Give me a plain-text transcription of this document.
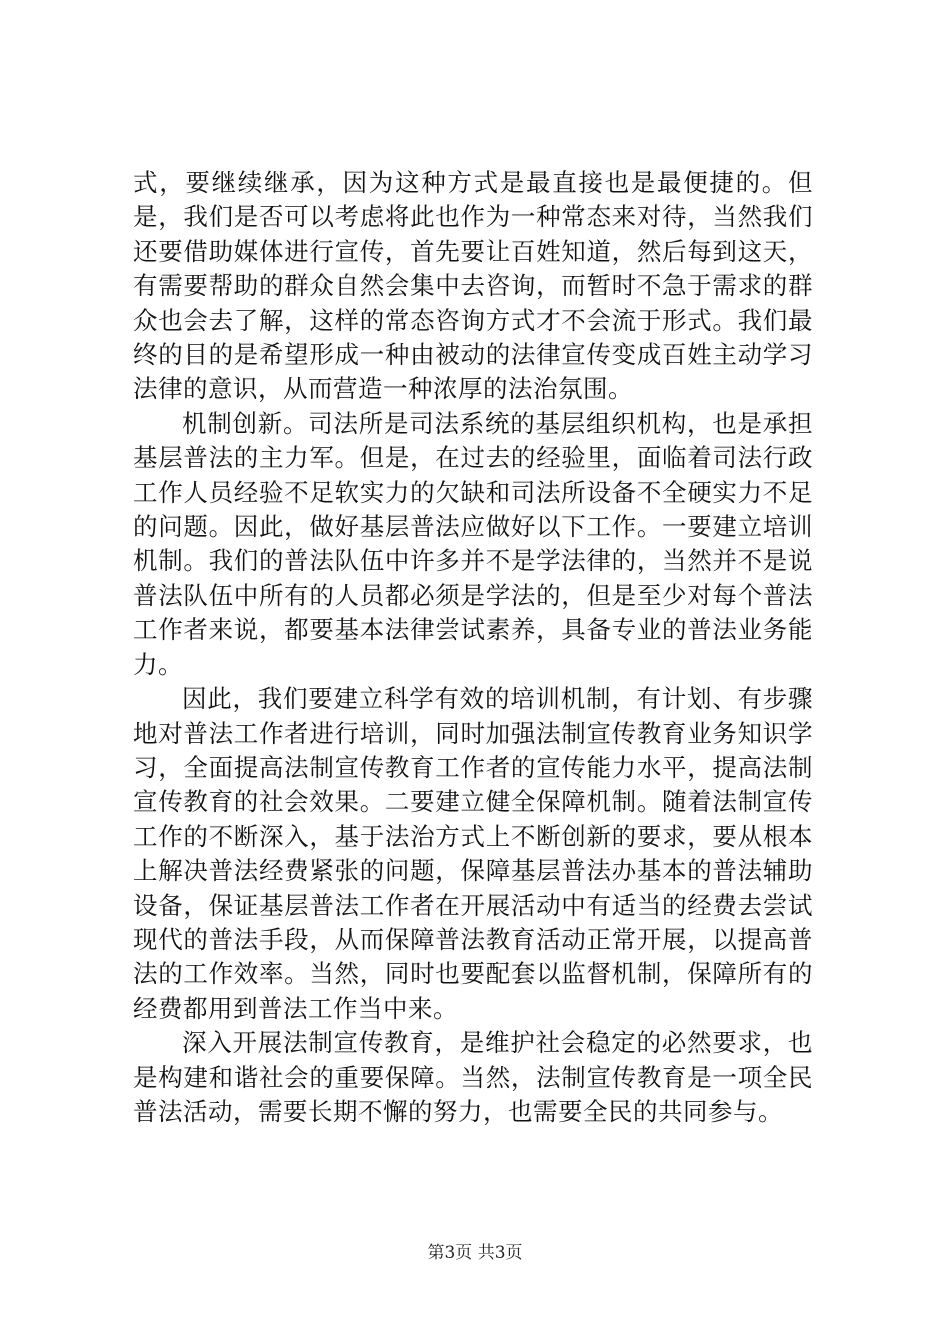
式，要继续继承，因为这种方式是最直接也是最便捷的。但是，我们是否可以考虑将此也作为一种常态来对待，当然我们还要借助媒体进行宣传，首先要让百姓知道，然后每到这天，有需要帮助的群众自然会集中去咨询，而暂时不急于需求的群众也会去了解，这样的常态咨询方式才不会流于形式。我们最终的目的是希望形成一种由被动的法律宣传变成百姓主动学习法律的意识，从而营造一种浓厚的法治氛围。

机制创新。司法所是司法系统的基层组织机构，也是承担基层普法的主力军。但是，在过去的经验里，面临着司法行政工作人员经验不足软实力的欠缺和司法所设备不全硬实力不足的问题。因此，做好基层普法应做好以下工作。一要建立培训机制。我们的普法队伍中许多并不是学法律的，当然并不是说普法队伍中所有的人员都必须是学法的，但是至少对每个普法工作者来说，都要基本法律尝试素养，具备专业的普法业务能力。

因此，我们要建立科学有效的培训机制，有计划、有步骤地对普法工作者进行培训，同时加强法制宣传教育业务知识学习，全面提高法制宣传教育工作者的宣传能力水平，提高法制宣传教育的社会效果。二要建立健全保障机制。随着法制宣传工作的不断深入，基于法治方式上不断创新的要求，要从根本上解决普法经费紧张的问题，保障基层普法办基本的普法辅助设备，保证基层普法工作者在开展活动中有适当的经费去尝试现代的普法手段，从而保障普法教育活动正常开展，以提高普法的工作效率。当然，同时也要配套以监督机制，保障所有的经费都用到普法工作当中来。

深入开展法制宣传教育，是维护社会稳定的必然要求，也是构建和谐社会的重要保障。当然，法制宣传教育是一项全民普法活动，需要长期不懈的努力，也需要全民的共同参与。

第3页 共3页
